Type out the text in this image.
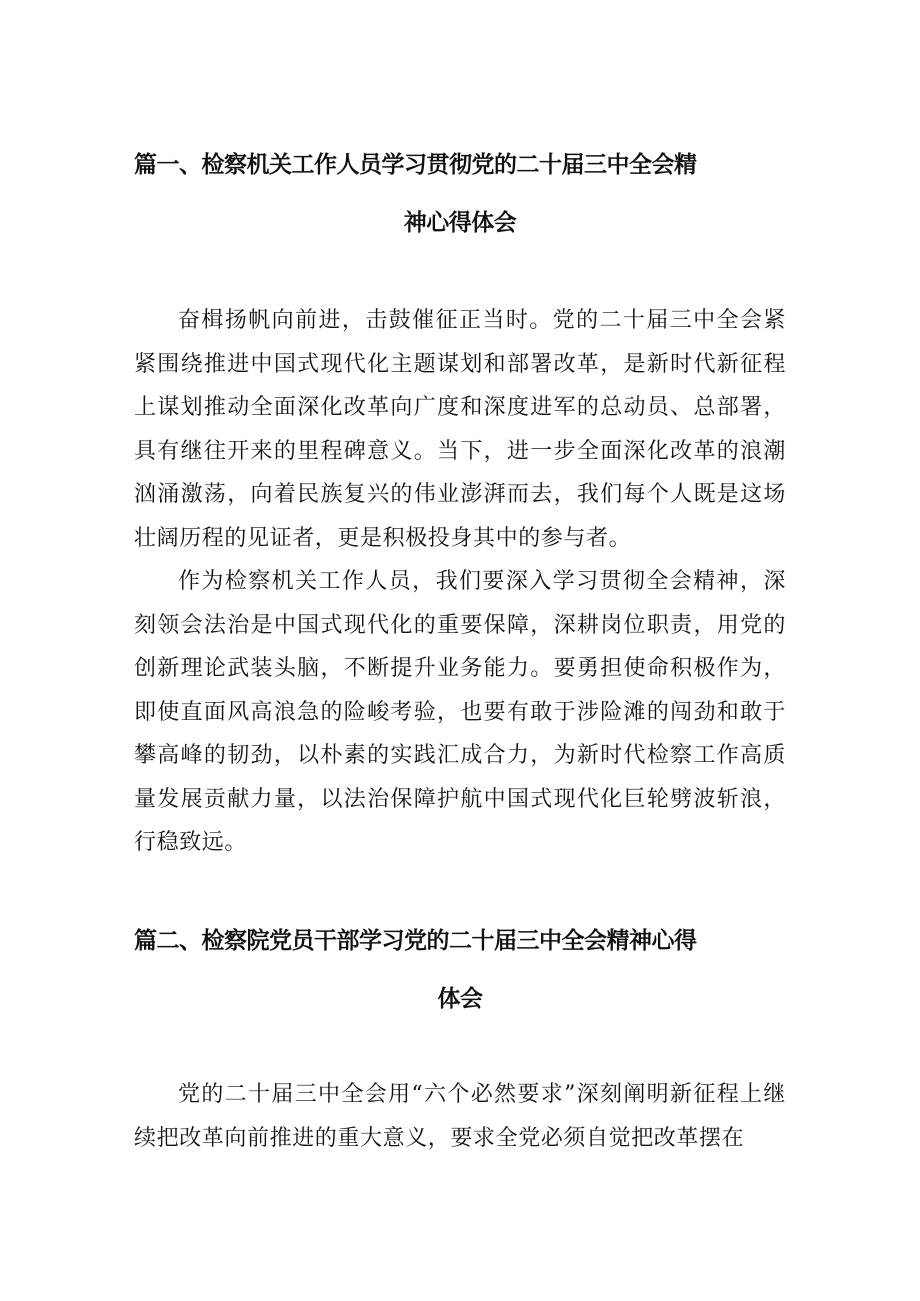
篇一、检察机关工作人员学习贯彻党的二十届三中全会精
神心得体会

奋楫扬帆向前进，击鼓催征正当时。党的二十届三中全会紧紧围绕推进中国式现代化主题谋划和部署改革，是新时代新征程上谋划推动全面深化改革向广度和深度进军的总动员、总部署，具有继往开来的里程碑意义。当下，进一步全面深化改革的浪潮汹涌激荡，向着民族复兴的伟业澎湃而去，我们每个人既是这场壮阔历程的见证者，更是积极投身其中的参与者。

作为检察机关工作人员，我们要深入学习贯彻全会精神，深刻领会法治是中国式现代化的重要保障，深耕岗位职责，用党的创新理论武装头脑，不断提升业务能力。要勇担使命积极作为，即使直面风高浪急的险峻考验，也要有敢于涉险滩的闯劲和敢于攀高峰的韧劲，以朴素的实践汇成合力，为新时代检察工作高质量发展贡献力量，以法治保障护航中国式现代化巨轮劈波斩浪，行稳致远。

篇二、检察院党员干部学习党的二十届三中全会精神心得
体会

党的二十届三中全会用“六个必然要求”深刻阐明新征程上继续把改革向前推进的重大意义，要求全党必须自觉把改革摆在
